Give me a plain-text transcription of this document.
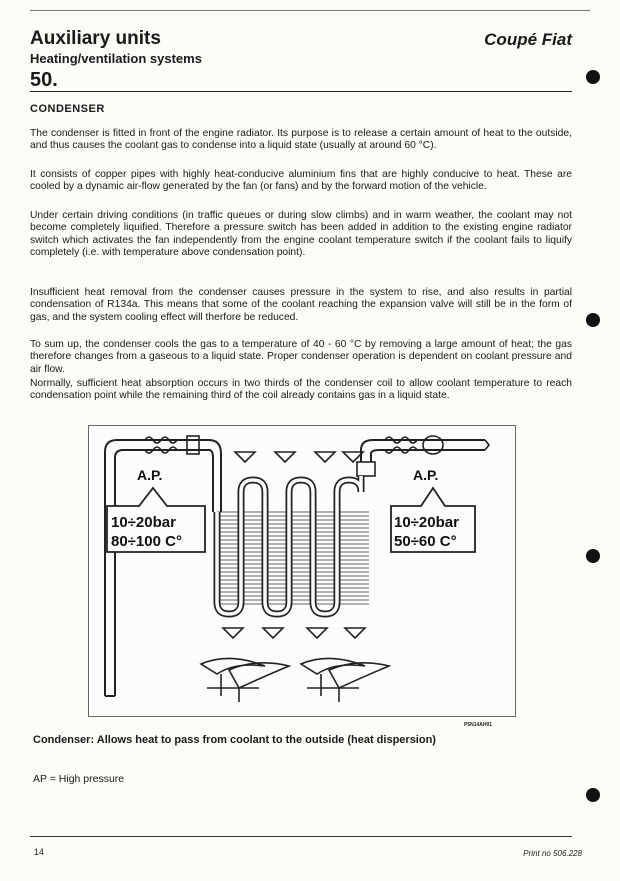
Auxiliary units	Coupé Fiat
Heating/ventilation systems
50.
CONDENSER

The condenser is fitted in front of the engine radiator. Its purpose is to release a certain amount of heat to the outside, and thus causes the coolant gas to condense into a liquid state (usually at around 60 °C).

It consists of copper pipes with highly heat-conducive aluminium fins that are highly conducive to heat. These are cooled by a dynamic air-flow generated by the fan (or fans) and by the forward motion of the vehicle.

Under certain driving conditions (in traffic queues or during slow climbs) and in warm weather, the coolant may not become completely liquified. Therefore a pressure switch has been added in addition to the existing engine radiator switch which activates the fan independently from the engine coolant temperature switch if the coolant fails to liquify completely (i.e. with temperature above condensation point).

Insufficient heat removal from the condenser causes pressure in the system to rise, and also results in partial condensation of R134a. This means that some of the coolant reaching the expansion valve will still be in the form of gas, and the system cooling effect will therfore be reduced.

To sum up, the condenser cools the gas to a temperature of 40 - 60 °C by removing a large amount of heat; the gas therefore changes from a gaseous to a liquid state. Proper condenser operation is dependent on coolant pressure and air flow.

Normally, sufficient heat absorption occurs in two thirds of the condenser coil to allow coolant temperature to reach condensation point while the remaining third of the coil already contains gas in a liquid state.

A.P.
10÷20bar
80÷100 C°
A.P.
10÷20bar
50÷60 C°
P5N14AH01
Condenser: Allows heat to pass from coolant to the outside (heat dispersion)
AP = High pressure
14	Print no 506.228
